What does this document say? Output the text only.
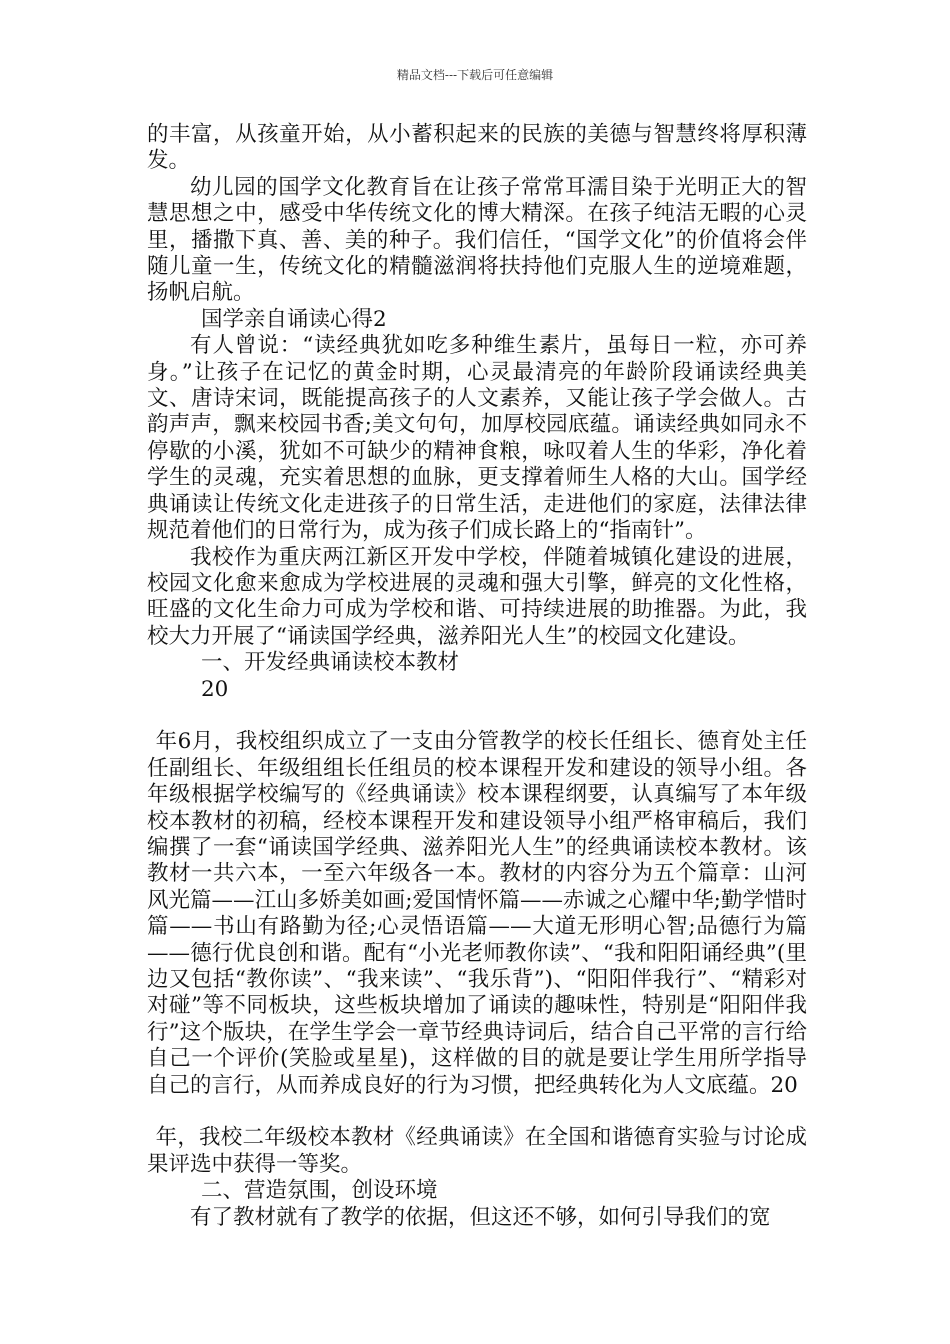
精品文档---下载后可任意编辑

的丰富，从孩童开始，从小蓄积起来的民族的美德与智慧终将厚积薄发。

幼儿园的国学文化教育旨在让孩子常常耳濡目染于光明正大的智慧思想之中，感受中华传统文化的博大精深。在孩子纯洁无暇的心灵里，播撒下真、善、美的种子。我们信任，“国学文化”的价值将会伴随儿童一生，传统文化的精髓滋润将扶持他们克服人生的逆境难题，扬帆启航。

国学亲自诵读心得2

有人曾说：“读经典犹如吃多种维生素片，虽每日一粒，亦可养身。”让孩子在记忆的黄金时期，心灵最清亮的年龄阶段诵读经典美文、唐诗宋词，既能提高孩子的人文素养，又能让孩子学会做人。古韵声声，飘来校园书香;美文句句，加厚校园底蕴。诵读经典如同永不停歇的小溪，犹如不可缺少的精神食粮，咏叹着人生的华彩，净化着学生的灵魂，充实着思想的血脉，更支撑着师生人格的大山。国学经典诵读让传统文化走进孩子的日常生活，走进他们的家庭，法律法律规范着他们的日常行为，成为孩子们成长路上的“指南针”。

我校作为重庆两江新区开发中学校，伴随着城镇化建设的进展，校园文化愈来愈成为学校进展的灵魂和强大引擎，鲜亮的文化性格，旺盛的文化生命力可成为学校和谐、可持续进展的助推器。为此，我校大力开展了“诵读国学经典，滋养阳光人生”的校园文化建设。

一、开发经典诵读校本教材

20

年6月，我校组织成立了一支由分管教学的校长任组长、德育处主任任副组长、年级组组长任组员的校本课程开发和建设的领导小组。各年级根据学校编写的《经典诵读》校本课程纲要，认真编写了本年级校本教材的初稿，经校本课程开发和建设领导小组严格审稿后，我们编撰了一套“诵读国学经典、滋养阳光人生”的经典诵读校本教材。该教材一共六本，一至六年级各一本。教材的内容分为五个篇章：山河风光篇——江山多娇美如画;爱国情怀篇——赤诚之心耀中华;勤学惜时篇——书山有路勤为径;心灵悟语篇——大道无形明心智;品德行为篇——德行优良创和谐。配有“小光老师教你读”、“我和阳阳诵经典”(里边又包括“教你读”、“我来读”、“我乐背”)、“阳阳伴我行”、“精彩对对碰”等不同板块，这些板块增加了诵读的趣味性，特别是“阳阳伴我行”这个版块，在学生学会一章节经典诗词后，结合自己平常的言行给自己一个评价(笑脸或星星)，这样做的目的就是要让学生用所学指导自己的言行，从而养成良好的行为习惯，把经典转化为人文底蕴。20

年，我校二年级校本教材《经典诵读》在全国和谐德育实验与讨论成果评选中获得一等奖。

二、营造氛围，创设环境

有了教材就有了教学的依据，但这还不够，如何引导我们的宽
